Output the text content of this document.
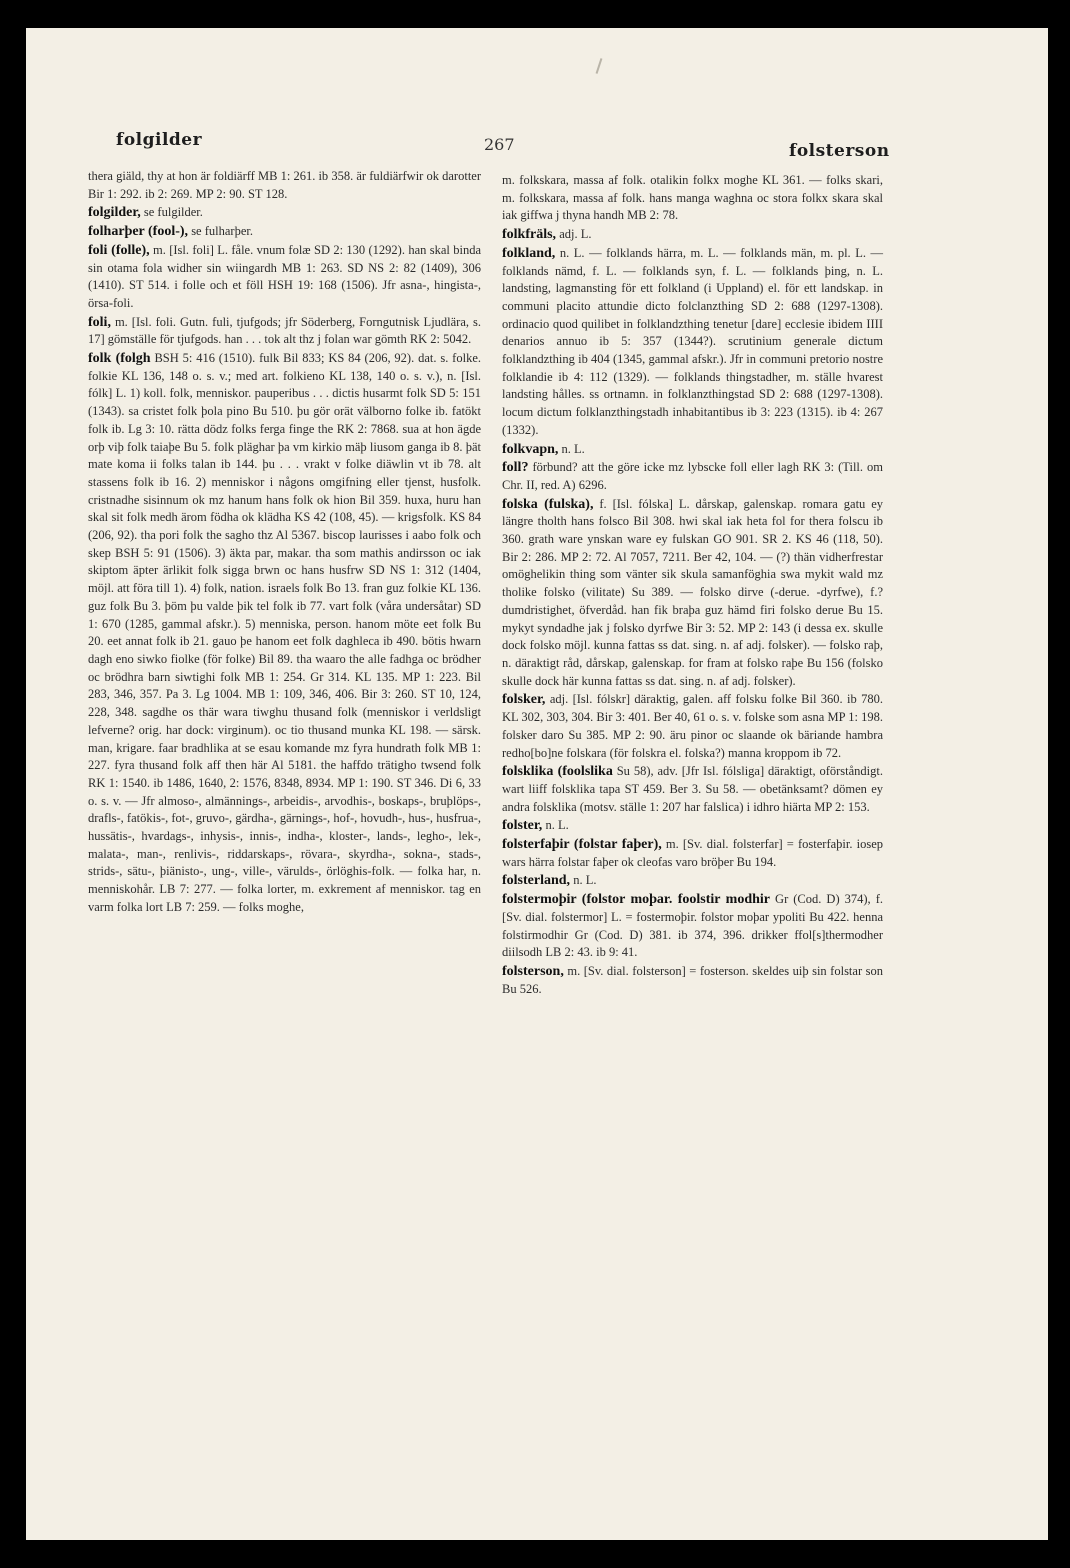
folgilder	267	folsterson

thera giäld, thy at hon är foldiärff MB 1: 261. ib 358. är fuldiärfwir ok darotter Bir 1: 292. ib 2: 269. MP 2: 90. ST 128.

folgilder, se fulgilder.

folharþer (fool-), se fulharþer.

foli (folle), m. [Isl. foli] L. fåle. vnum folæ SD 2: 130 (1292). han skal binda sin otama fola widher sin wiingardh MB 1: 263. SD NS 2: 82 (1409), 306 (1410). ST 514. i folle och et föll HSH 19: 168 (1506). Jfr asna-, hingista-, örsa-foli.

foli, m. [Isl. foli. Gutn. fuli, tjufgods; jfr Söderberg, Forngutnisk Ljudlära, s. 17] gömställe för tjufgods. han . . . tok alt thz j folan war gömth RK 2: 5042.

folk (folgh BSH 5: 416 (1510). fulk Bil 833; KS 84 (206, 92). dat. s. folke. folkie KL 136, 148 o. s. v.; med art. folkieno KL 138, 140 o. s. v.), n. [Isl. fólk] L. 1) koll. folk, menniskor. pauperibus . . . dictis husarmt folk SD 5: 151 (1343). sa cristet folk þola pino Bu 510. þu gör orät välborno folke ib. fatökt folk ib. Lg 3: 10. rätta dödz folks ferga finge the RK 2: 7868. sua at hon ägde orþ viþ folk taiaþe Bu 5. folk pläghar þa vm kirkio mäþ liusom ganga ib 8. þät mate koma ii folks talan ib 144. þu . . . vrakt v folke diäwlin vt ib 78. alt stassens folk ib 16. 2) menniskor i någons omgifning eller tjenst, husfolk. cristnadhe sisinnum ok mz hanum hans folk ok hion Bil 359. huxa, huru han skal sit folk medh ärom födha ok klädha KS 42 (108, 45). — krigsfolk. KS 84 (206, 92). tha pori folk the sagho thz Al 5367. biscop laurisses i aabo folk och skep BSH 5: 91 (1506). 3) äkta par, makar. tha som mathis andirsson oc iak skiptom äpter ärlikit folk sigga brwn oc hans husfrw SD NS 1: 312 (1404, möjl. att föra till 1). 4) folk, nation. israels folk Bo 13. fran guz folkie KL 136. guz folk Bu 3. þöm þu valde þik tel folk ib 77. vart folk (våra undersåtar) SD 1: 670 (1285, gammal afskr.). 5) menniska, person. hanom möte eet folk Bu 20. eet annat folk ib 21. gauo þe hanom eet folk daghleca ib 490. bötis hwarn dagh eno siwko fiolke (för folke) Bil 89. tha waaro the alle fadhga oc brödher oc brödhra barn siwtighi folk MB 1: 254. Gr 314. KL 135. MP 1: 223. Bil 283, 346, 357. Pa 3. Lg 1004. MB 1: 109, 346, 406. Bir 3: 260. ST 10, 124, 228, 348. sagdhe os thär wara tiwghu thusand folk (menniskor i verldsligt lefverne? orig. har dock: virginum). oc tio thusand munka KL 198. — särsk. man, krigare. faar bradhlika at se esau komande mz fyra hundrath folk MB 1: 227. fyra thusand folk aff then här Al 5181. the haffdo trätigho twsend folk RK 1: 1540. ib 1486, 1640, 2: 1576, 8348, 8934. MP 1: 190. ST 346. Di 6, 33 o. s. v. — Jfr almoso-, almännings-, arbeidis-, arvodhis-, boskaps-, bruþlöps-, drafls-, fatökis-, fot-, gruvo-, gärdha-, gärnings-, hof-, hovudh-, hus-, husfrua-, hussätis-, hvardags-, inhysis-, innis-, indha-, kloster-, lands-, legho-, lek-, malata-, man-, renlivis-, riddarskaps-, rövara-, skyrdha-, sokna-, stads-, strids-, sätu-, þiänisto-, ung-, ville-, värulds-, örlöghis-folk. — folka har, n. menniskohår. LB 7: 277. — folka lorter, m. exkrement af menniskor. tag en varm folka lort LB 7: 259. — folks moghe,

m. folkskara, massa af folk. otalikin folkx moghe KL 361. — folks skari, m. folkskara, massa af folk. hans manga waghna oc stora folkx skara skal iak giffwa j thyna handh MB 2: 78.

folkfräls, adj. L.

folkland, n. L. — folklands härra, m. L. — folklands män, m. pl. L. — folklands nämd, f. L. — folklands syn, f. L. — folklands þing, n. L. landsting, lagmansting för ett folkland (i Uppland) el. för ett landskap. in communi placito attundie dicto folclanzthing SD 2: 688 (1297-1308). ordinacio quod quilibet in folklandzthing tenetur [dare] ecclesie ibidem IIII denarios annuo ib 5: 357 (1344?). scrutinium generale dictum folklandzthing ib 404 (1345, gammal afskr.). Jfr in communi pretorio nostre folklandie ib 4: 112 (1329). — folklands thingstadher, m. ställe hvarest landsting hålles. ss ortnamn. in folklanzthingstad SD 2: 688 (1297-1308). locum dictum folklanzthingstadh inhabitantibus ib 3: 223 (1315). ib 4: 267 (1332).

folkvapn, n. L.

foll? förbund? att the göre icke mz lybscke foll eller lagh RK 3: (Till. om Chr. II, red. A) 6296.

folska (fulska), f. [Isl. fólska] L. dårskap, galenskap. romara gatu ey längre tholth hans folsco Bil 308. hwi skal iak heta fol for thera folscu ib 360. grath ware ynskan ware ey fulskan GO 901. SR 2. KS 46 (118, 50). Bir 2: 286. MP 2: 72. Al 7057, 7211. Ber 42, 104. — (?) thän vidherfrestar omöghelikin thing som vänter sik skula samanföghia swa mykit wald mz tholike folsko (vilitate) Su 389. — folsko dirve (-derue. -dyrfwe), f.? dumdristighet, öfverdåd. han fik braþa guz hämd firi folsko derue Bu 15. mykyt syndadhe jak j folsko dyrfwe Bir 3: 52. MP 2: 143 (i dessa ex. skulle dock folsko möjl. kunna fattas ss dat. sing. n. af adj. folsker). — folsko raþ, n. däraktigt råd, dårskap, galenskap. for fram at folsko raþe Bu 156 (folsko skulle dock här kunna fattas ss dat. sing. n. af adj. folsker).

folsker, adj. [Isl. fólskr] däraktig, galen. aff folsku folke Bil 360. ib 780. KL 302, 303, 304. Bir 3: 401. Ber 40, 61 o. s. v. folske som asna MP 1: 198. folsker daro Su 385. MP 2: 90. äru pinor oc slaande ok bäriande hambra redho[bo]ne folskara (för folskra el. folska?) manna kroppom ib 72.

folsklika (foolslika Su 58), adv. [Jfr Isl. fólsliga] däraktigt, oförståndigt. wart liiff folsklika tapa ST 459. Ber 3. Su 58. — obetänksamt? dömen ey andra folsklika (motsv. ställe 1: 207 har falslica) i idhro hiärta MP 2: 153.

folster, n. L.

folsterfaþir (folstar faþer), m. [Sv. dial. folsterfar] = fosterfaþir. iosep wars härra folstar faþer ok cleofas varo bröþer Bu 194.

folsterland, n. L.

folstermoþir (folstor moþar. foolstir modhir Gr (Cod. D) 374), f. [Sv. dial. folstermor] L. = fostermoþir. folstor moþar ypoliti Bu 422. henna folstirmodhir Gr (Cod. D) 381. ib 374, 396. drikker ffol[s]thermodher diilsodh LB 2: 43. ib 9: 41.

folsterson, m. [Sv. dial. folsterson] = fosterson. skeldes uiþ sin folstar son Bu 526.
